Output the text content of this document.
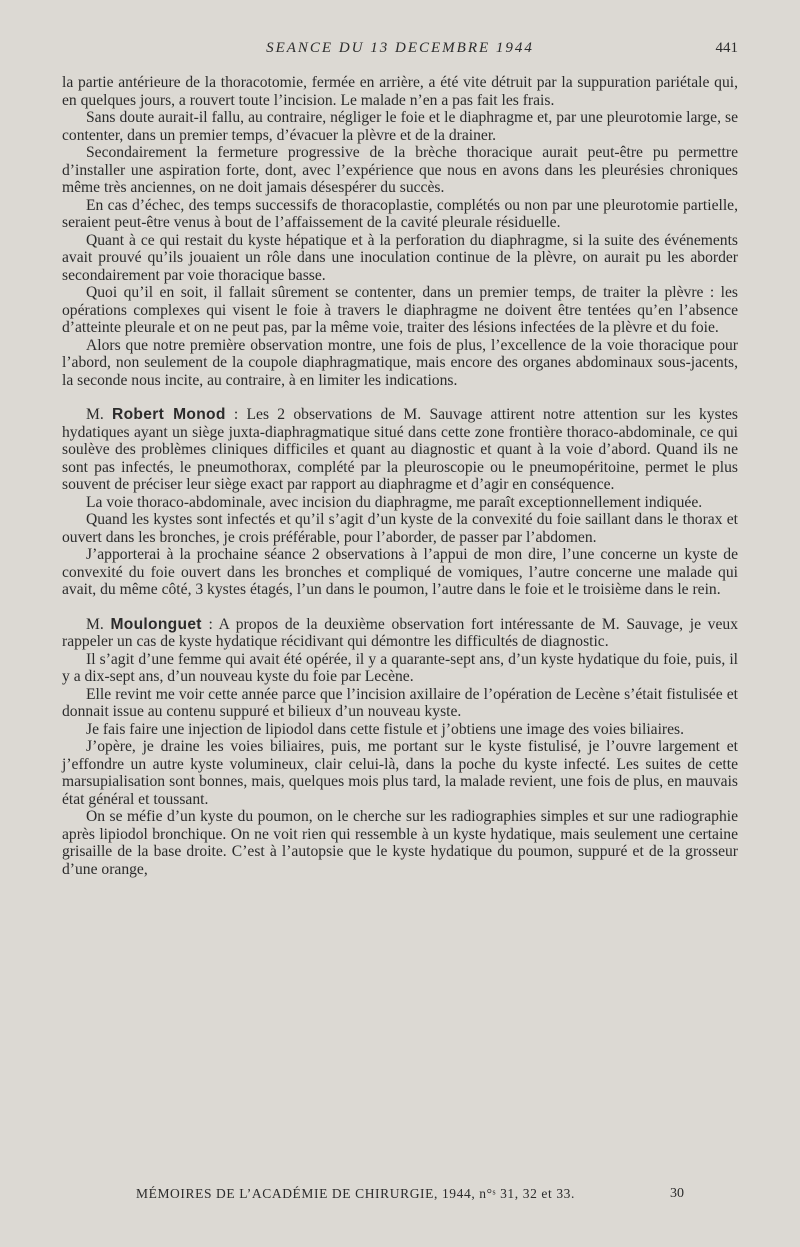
SEANCE DU 13 DECEMBRE 1944	441

la partie antérieure de la thoracotomie, fermée en arrière, a été vite détruit par la suppuration pariétale qui, en quelques jours, a rouvert toute l’incision. Le malade n’en a pas fait les frais.

Sans doute aurait-il fallu, au contraire, négliger le foie et le diaphragme et, par une pleurotomie large, se contenter, dans un premier temps, d’évacuer la plèvre et de la drainer.

Secondairement la fermeture progressive de la brèche thoracique aurait peut-être pu permettre d’installer une aspiration forte, dont, avec l’expérience que nous en avons dans les pleurésies chroniques même très anciennes, on ne doit jamais désespérer du succès.

En cas d’échec, des temps successifs de thoracoplastie, complétés ou non par une pleurotomie partielle, seraient peut-être venus à bout de l’affaissement de la cavité pleurale résiduelle.

Quant à ce qui restait du kyste hépatique et à la perforation du diaphragme, si la suite des événements avait prouvé qu’ils jouaient un rôle dans une inoculation continue de la plèvre, on aurait pu les aborder secondairement par voie thoracique basse.

Quoi qu’il en soit, il fallait sûrement se contenter, dans un premier temps, de traiter la plèvre : les opérations complexes qui visent le foie à travers le diaphragme ne doivent être tentées qu’en l’absence d’atteinte pleurale et on ne peut pas, par la même voie, traiter des lésions infectées de la plèvre et du foie.

Alors que notre première observation montre, une fois de plus, l’excellence de la voie thoracique pour l’abord, non seulement de la coupole diaphragmatique, mais encore des organes abdominaux sous-jacents, la seconde nous incite, au contraire, à en limiter les indications.

M. Robert Monod : Les 2 observations de M. Sauvage attirent notre attention sur les kystes hydatiques ayant un siège juxta-diaphragmatique situé dans cette zone frontière thoraco-abdominale, ce qui soulève des problèmes cliniques difficiles et quant au diagnostic et quant à la voie d’abord. Quand ils ne sont pas infectés, le pneumothorax, complété par la pleuroscopie ou le pneumopéritoine, permet le plus souvent de préciser leur siège exact par rapport au diaphragme et d’agir en conséquence.

La voie thoraco-abdominale, avec incision du diaphragme, me paraît exceptionnellement indiquée.

Quand les kystes sont infectés et qu’il s’agit d’un kyste de la convexité du foie saillant dans le thorax et ouvert dans les bronches, je crois préférable, pour l’aborder, de passer par l’abdomen.

J’apporterai à la prochaine séance 2 observations à l’appui de mon dire, l’une concerne un kyste de convexité du foie ouvert dans les bronches et compliqué de vomiques, l’autre concerne une malade qui avait, du même côté, 3 kystes étagés, l’un dans le poumon, l’autre dans le foie et le troisième dans le rein.

M. Moulonguet : A propos de la deuxième observation fort intéressante de M. Sauvage, je veux rappeler un cas de kyste hydatique récidivant qui démontre les difficultés de diagnostic.

Il s’agit d’une femme qui avait été opérée, il y a quarante-sept ans, d’un kyste hydatique du foie, puis, il y a dix-sept ans, d’un nouveau kyste du foie par Lecène.

Elle revint me voir cette année parce que l’incision axillaire de l’opération de Lecène s’était fistulisée et donnait issue au contenu suppuré et bilieux d’un nouveau kyste.

Je fais faire une injection de lipiodol dans cette fistule et j’obtiens une image des voies biliaires.

J’opère, je draine les voies biliaires, puis, me portant sur le kyste fistulisé, je l’ouvre largement et j’effondre un autre kyste volumineux, clair celui-là, dans la poche du kyste infecté. Les suites de cette marsupialisation sont bonnes, mais, quelques mois plus tard, la malade revient, une fois de plus, en mauvais état général et toussant.

On se méfie d’un kyste du poumon, on le cherche sur les radiographies simples et sur une radiographie après lipiodol bronchique. On ne voit rien qui ressemble à un kyste hydatique, mais seulement une certaine grisaille de la base droite. C’est à l’autopsie que le kyste hydatique du poumon, suppuré et de la grosseur d’une orange,

MÉMOIRES DE L’ACADÉMIE DE CHIRURGIE, 1944, n°ˢ 31, 32 et 33.	30
